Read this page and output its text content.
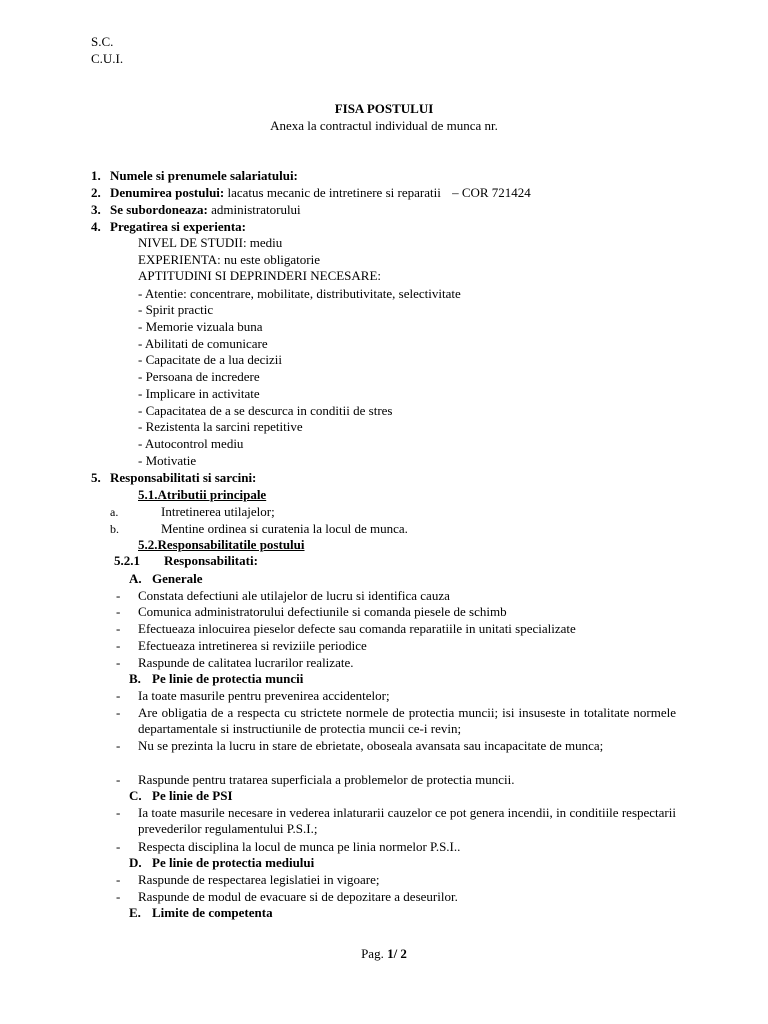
S.C.
C.U.I.
FISA POSTULUI
Anexa la contractul individual de munca nr.
1. Numele si prenumele salariatului:
2. Denumirea postului: lacatus mecanic de intretinere si reparatii – COR 721424
3. Se subordoneaza: administratorului
4. Pregatirea si experienta:
NIVEL DE STUDII: mediu
EXPERIENTA: nu este obligatorie
APTITUDINI SI DEPRINDERI NECESARE:
- Atentie: concentrare, mobilitate, distributivitate, selectivitate
- Spirit practic
- Memorie vizuala buna
- Abilitati de comunicare
- Capacitate de a lua decizii
- Persoana de incredere
- Implicare in activitate
- Capacitatea de a se descurca in conditii de stres
- Rezistenta la sarcini repetitive
- Autocontrol mediu
- Motivatie
5. Responsabilitati si sarcini:
5.1.Atributii principale
a.	Intretinerea utilajelor;
b.	Mentine ordinea si curatenia la locul de munca.
5.2.Responsabilitatile postului
5.2.1 Responsabilitati:
A. Generale
- Constata defectiuni ale utilajelor de lucru si identifica cauza
- Comunica administratorului defectiunile si comanda piesele de schimb
- Efectueaza inlocuirea pieselor defecte sau comanda reparatiile in unitati specializate
- Efectueaza intretinerea si reviziile periodice
- Raspunde de calitatea lucrarilor realizate.
B. Pe linie de protectia muncii
- Ia toate masurile pentru prevenirea accidentelor;
- Are obligatia de a respecta cu strictete normele de protectia muncii; isi insuseste in totalitate normele departamentale si instructiunile de protectia muncii ce-i revin;
- Nu se prezinta la lucru in stare de ebrietate, oboseala avansata sau incapacitate de munca;
- Raspunde pentru tratarea superficiala a problemelor de protectia muncii.
C. Pe linie de PSI
- Ia toate masurile necesare in vederea inlaturarii cauzelor ce pot genera incendii, in conditiile respectarii prevederilor regulamentului P.S.I.;
- Respecta disciplina la locul de munca pe linia normelor P.S.I..
D. Pe linie de protectia mediului
- Raspunde de respectarea legislatiei in vigoare;
- Raspunde de modul de evacuare si de depozitare a deseurilor.
E. Limite de competenta
Pag. 1/ 2
